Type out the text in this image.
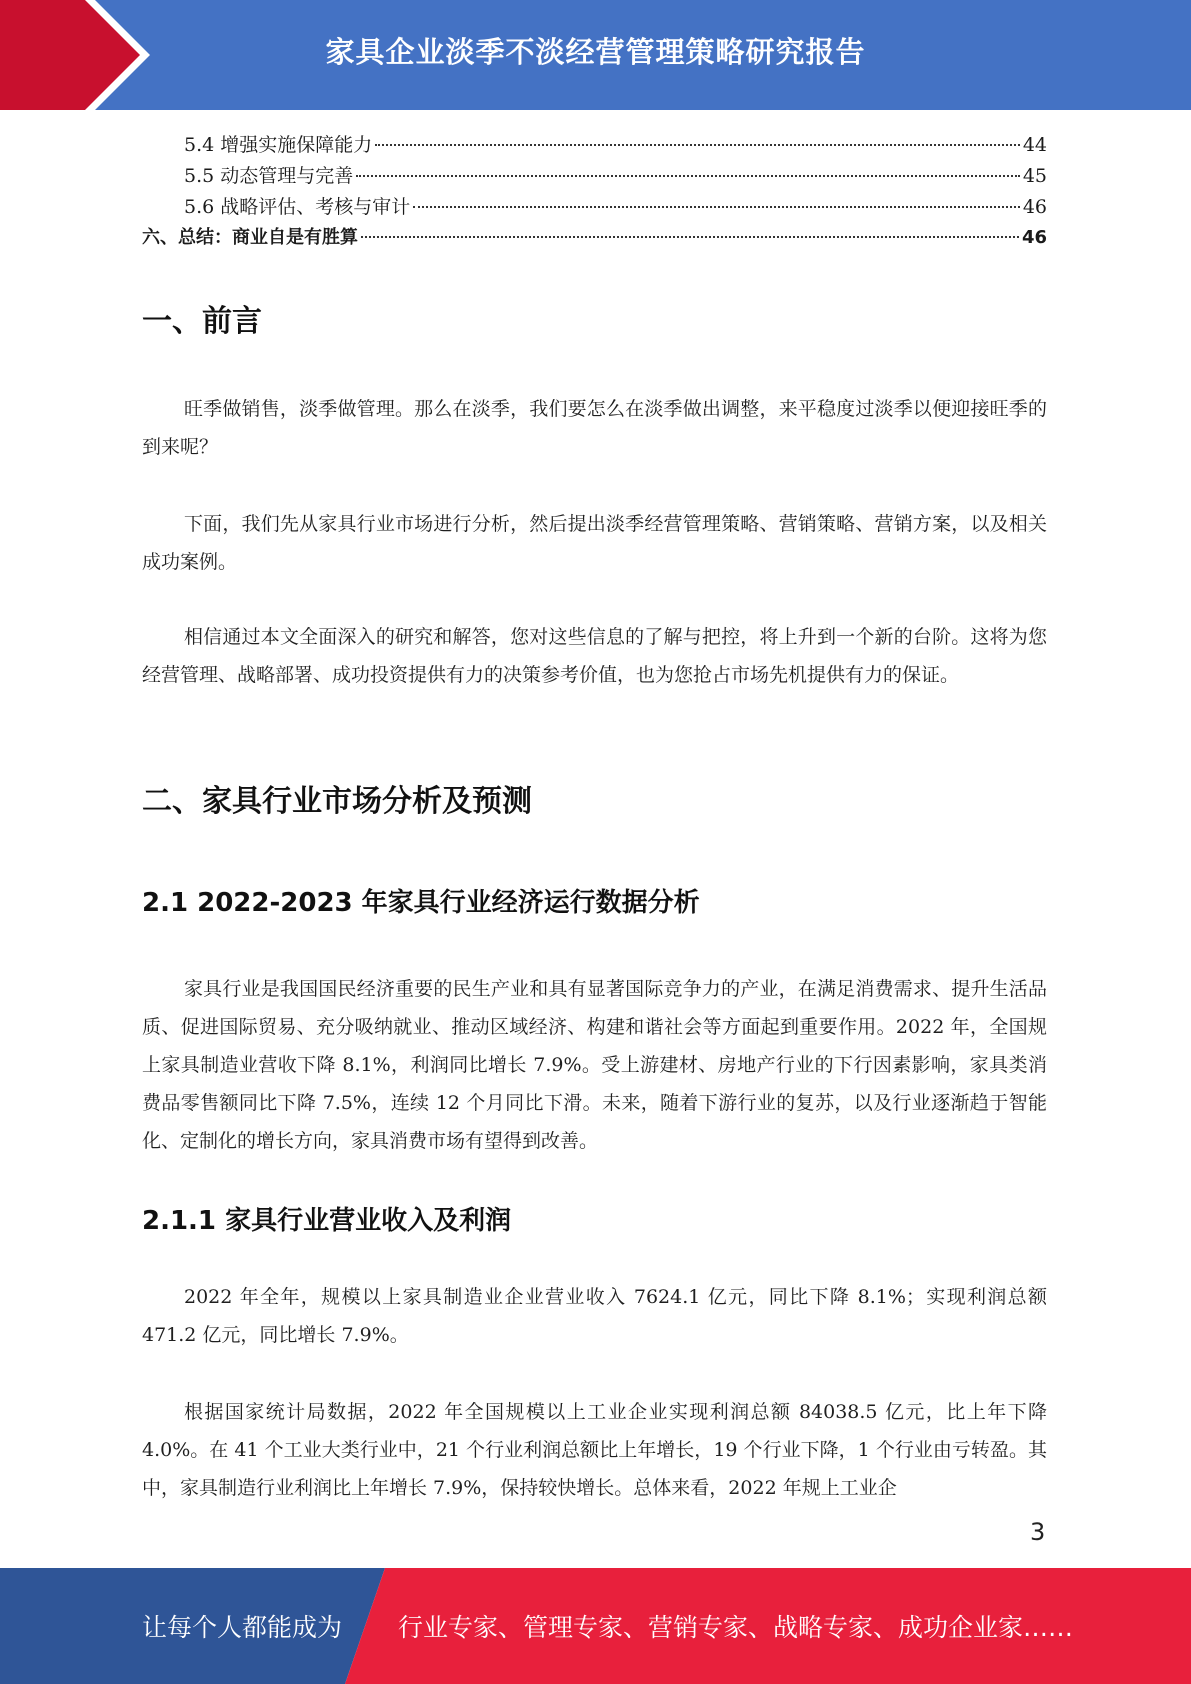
家具企业淡季不淡经营管理策略研究报告
5.4 增强实施保障能力	44
5.5 动态管理与完善	45
5.6 战略评估、考核与审计	46
六、总结：商业自是有胜算	46
一、前言

旺季做销售，淡季做管理。那么在淡季，我们要怎么在淡季做出调整，来平稳度过淡季以便迎接旺季的到来呢？

下面，我们先从家具行业市场进行分析，然后提出淡季经营管理策略、营销策略、营销方案，以及相关成功案例。

相信通过本文全面深入的研究和解答，您对这些信息的了解与把控，将上升到一个新的台阶。这将为您经营管理、战略部署、成功投资提供有力的决策参考价值，也为您抢占市场先机提供有力的保证。

二、家具行业市场分析及预测
2.1 2022-2023 年家具行业经济运行数据分析

家具行业是我国国民经济重要的民生产业和具有显著国际竞争力的产业，在满足消费需求、提升生活品质、促进国际贸易、充分吸纳就业、推动区域经济、构建和谐社会等方面起到重要作用。2022 年，全国规上家具制造业营收下降 8.1%，利润同比增长 7.9%。受上游建材、房地产行业的下行因素影响，家具类消费品零售额同比下降 7.5%，连续 12 个月同比下滑。未来，随着下游行业的复苏，以及行业逐渐趋于智能化、定制化的增长方向，家具消费市场有望得到改善。

2.1.1 家具行业营业收入及利润

2022 年全年，规模以上家具制造业企业营业收入 7624.1 亿元，同比下降 8.1%；实现利润总额 471.2 亿元，同比增长 7.9%。

根据国家统计局数据，2022 年全国规模以上工业企业实现利润总额 84038.5 亿元，比上年下降 4.0%。在 41 个工业大类行业中，21 个行业利润总额比上年增长，19 个行业下降，1 个行业由亏转盈。其中，家具制造行业利润比上年增长 7.9%，保持较快增长。总体来看，2022 年规上工业企

3
让每个人都能成为 行业专家、管理专家、营销专家、战略专家、成功企业家……
